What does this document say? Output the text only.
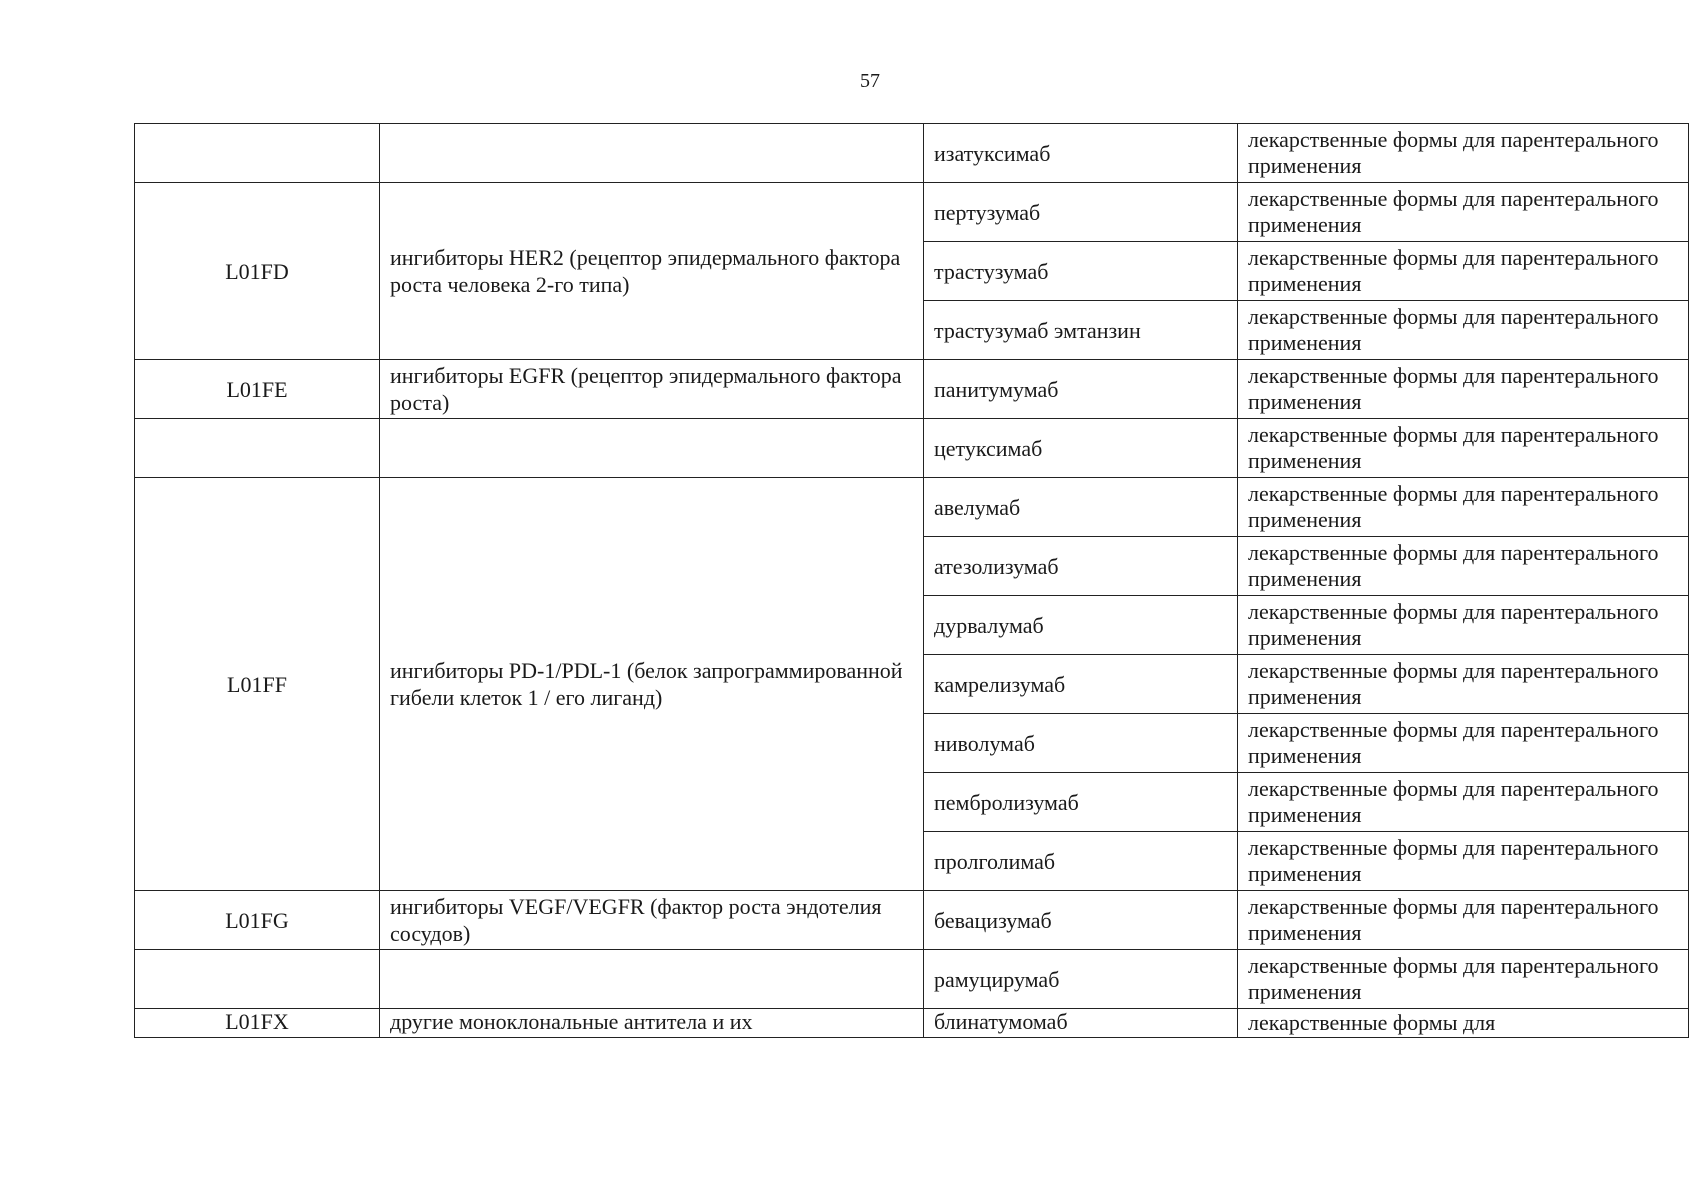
57
		изатуксимаб	лекарственные формы для парентерального применения
L01FD	ингибиторы HER2 (рецептор эпидермального фактора роста человека 2-го типа)	пертузумаб	лекарственные формы для парентерального применения
		трастузумаб	лекарственные формы для парентерального применения
		трастузумаб эмтанзин	лекарственные формы для парентерального применения
L01FE	ингибиторы EGFR (рецептор эпидермального фактора роста)	панитумумаб	лекарственные формы для парентерального применения
		цетуксимаб	лекарственные формы для парентерального применения
L01FF	ингибиторы PD-1/PDL-1 (белок запрограммированной гибели клеток 1 / его лиганд)	авелумаб	лекарственные формы для парентерального применения
		атезолизумаб	лекарственные формы для парентерального применения
		дурвалумаб	лекарственные формы для парентерального применения
		камрелизумаб	лекарственные формы для парентерального применения
		ниволумаб	лекарственные формы для парентерального применения
		пембролизумаб	лекарственные формы для парентерального применения
		пролголимаб	лекарственные формы для парентерального применения
L01FG	ингибиторы VEGF/VEGFR (фактор роста эндотелия сосудов)	бевацизумаб	лекарственные формы для парентерального применения
		рамуцирумаб	лекарственные формы для парентерального применения
L01FX	другие моноклональные антитела и их	блинатумомаб	лекарственные формы для
